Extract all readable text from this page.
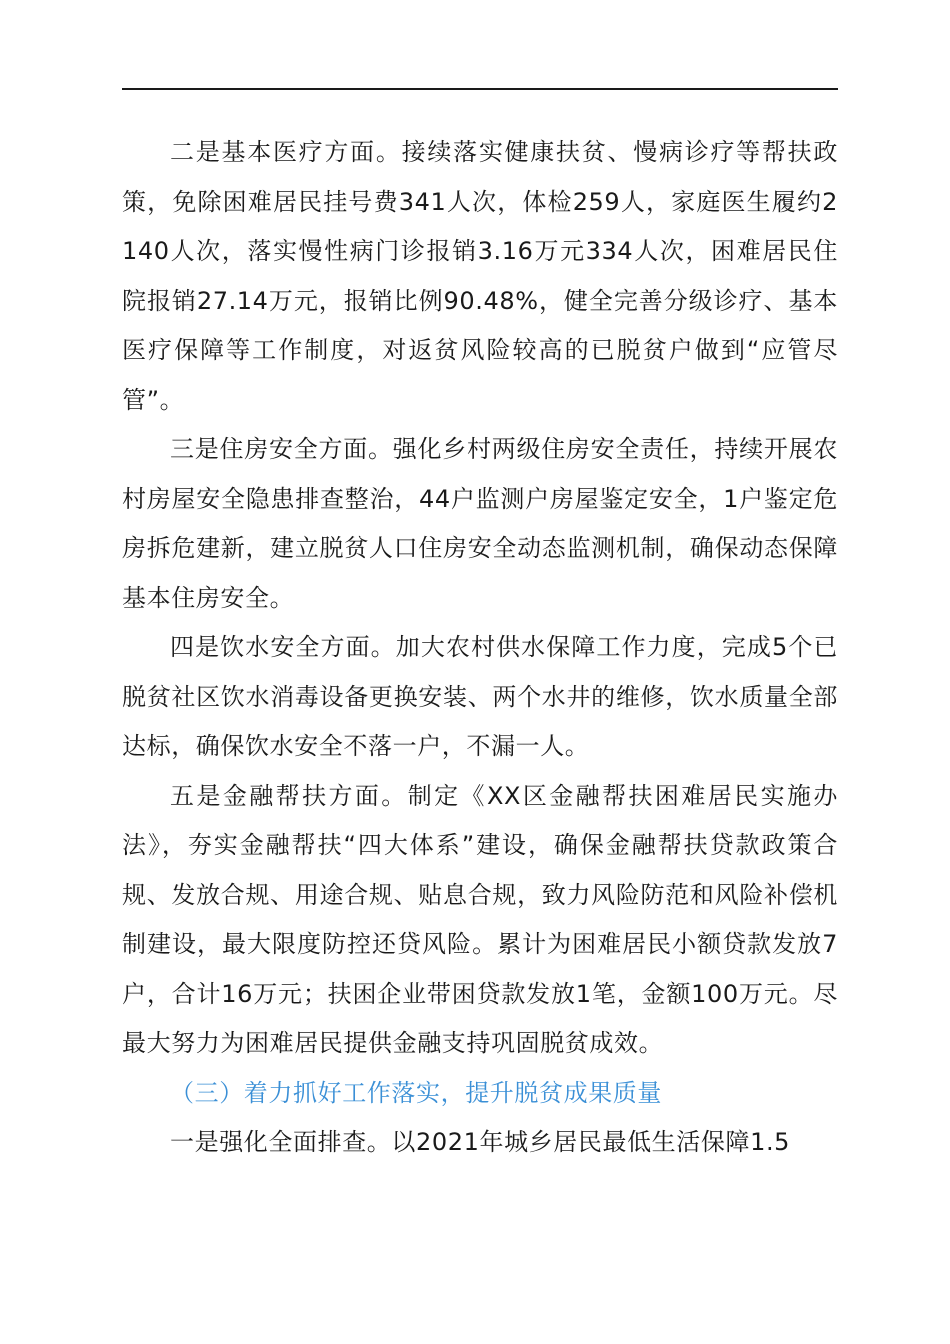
二是基本医疗方面。接续落实健康扶贫、慢病诊疗等帮扶政策，免除困难居民挂号费341人次，体检259人，家庭医生履约2140人次，落实慢性病门诊报销3.16万元334人次，困难居民住院报销27.14万元，报销比例90.48%，健全完善分级诊疗、基本医疗保障等工作制度，对返贫风险较高的已脱贫户做到“应管尽管”。

三是住房安全方面。强化乡村两级住房安全责任，持续开展农村房屋安全隐患排查整治，44户监测户房屋鉴定安全，1户鉴定危房拆危建新，建立脱贫人口住房安全动态监测机制，确保动态保障基本住房安全。

四是饮水安全方面。加大农村供水保障工作力度，完成5个已脱贫社区饮水消毒设备更换安装、两个水井的维修，饮水质量全部达标，确保饮水安全不落一户，不漏一人。

五是金融帮扶方面。制定《XX区金融帮扶困难居民实施办法》，夯实金融帮扶“四大体系”建设，确保金融帮扶贷款政策合规、发放合规、用途合规、贴息合规，致力风险防范和风险补偿机制建设，最大限度防控还贷风险。累计为困难居民小额贷款发放7户，合计16万元；扶困企业带困贷款发放1笔，金额100万元。尽最大努力为困难居民提供金融支持巩固脱贫成效。

（三）着力抓好工作落实，提升脱贫成果质量

一是强化全面排查。以2021年城乡居民最低生活保障1.5
